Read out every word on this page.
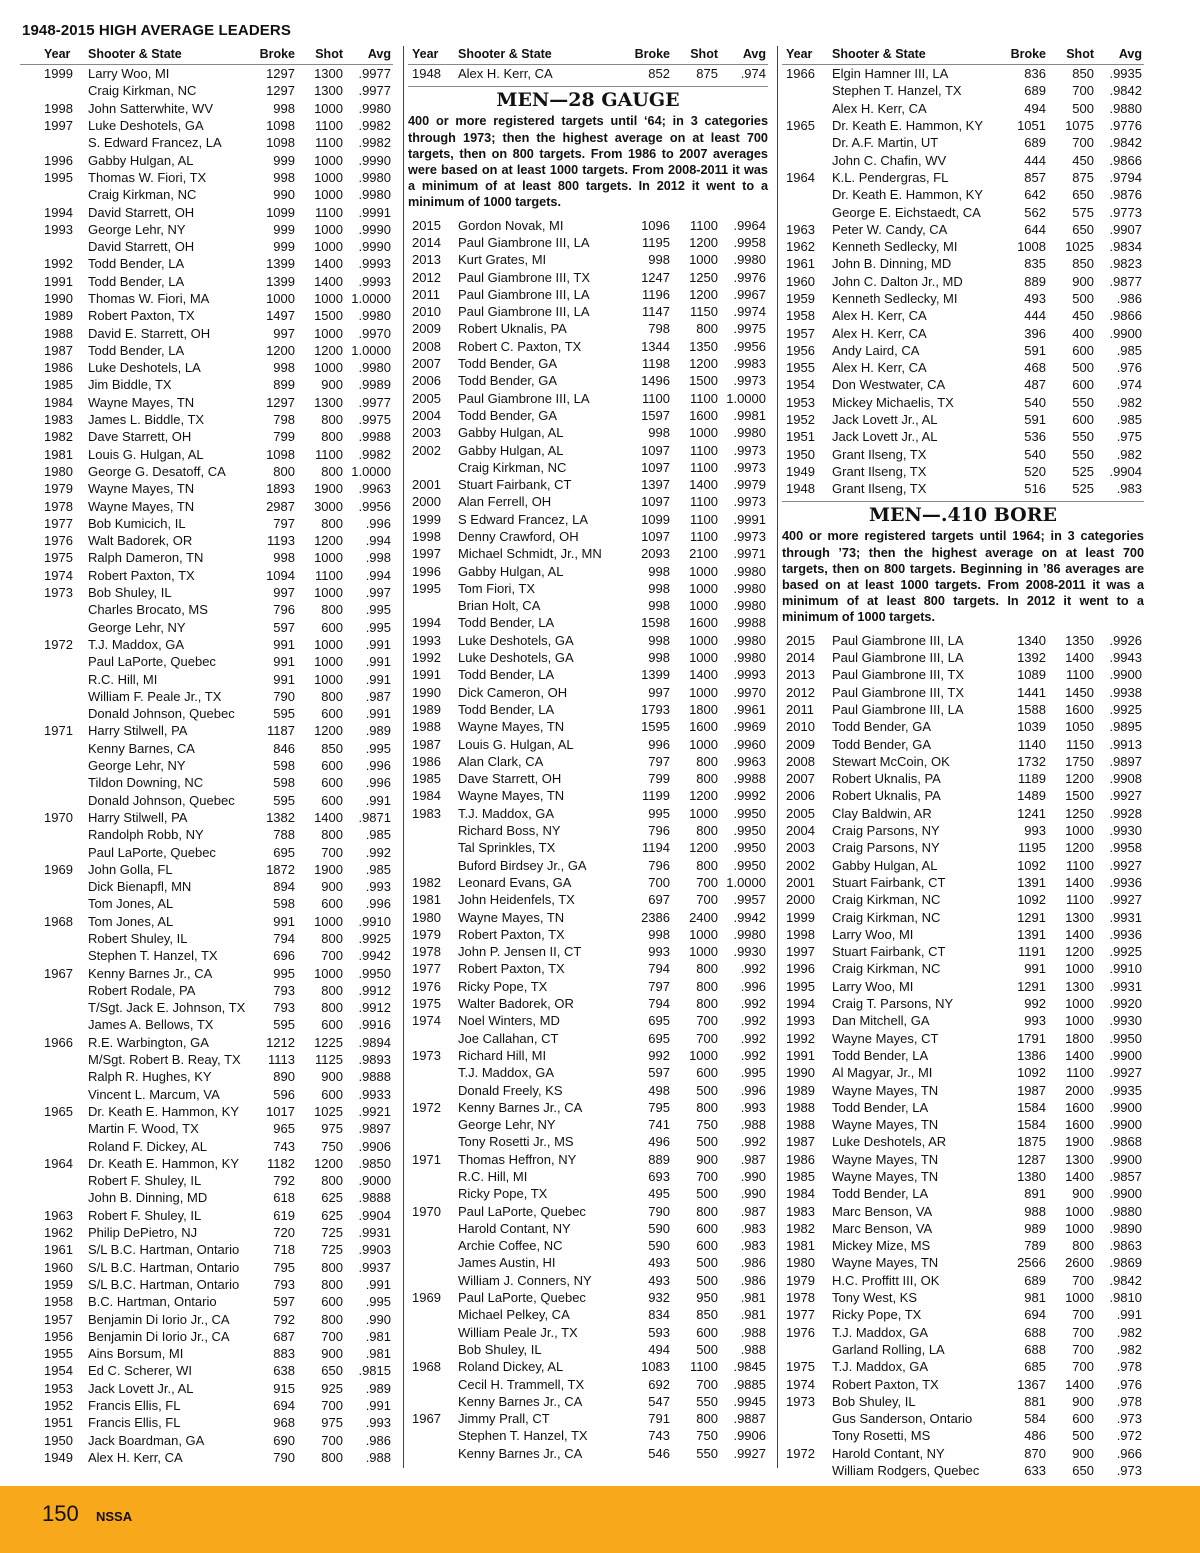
1948-2015 HIGH AVERAGE LEADERS
Year	Shooter & State	Broke	Shot	Avg
1999	Larry Woo, MI	1297	1300	.9977
Craig Kirkman, NC	1297	1300	.9977
1998	John Satterwhite, WV	998	1000	.9980
1997	Luke Deshotels, GA	1098	1100	.9982
S. Edward Francez, LA	1098	1100	.9982
1996	Gabby Hulgan, AL	999	1000	.9990
1995	Thomas W. Fiori, TX	998	1000	.9980
Craig Kirkman, NC	990	1000	.9980
1994	David Starrett, OH	1099	1100	.9991
1993	George Lehr, NY	999	1000	.9990
David Starrett, OH	999	1000	.9990
1992	Todd Bender, LA	1399	1400	.9993
1991	Todd Bender, LA	1399	1400	.9993
1990	Thomas W. Fiori, MA	1000	1000 1.0000
1989	Robert Paxton, TX	1497	1500	.9980
1988	David E. Starrett, OH	997	1000	.9970
1987	Todd Bender, LA	1200	1200 1.0000
1986	Luke Deshotels, LA	998	1000	.9980
1985	Jim Biddle, TX	899	900	.9989
1984	Wayne Mayes, TN	1297	1300	.9977
1983	James L. Biddle, TX	798	800	.9975
1982	Dave Starrett, OH	799	800	.9988
1981	Louis G. Hulgan, AL	1098	1100	.9982
1980	George G. Desatoff, CA	800	800 1.0000
1979	Wayne Mayes, TN	1893	1900	.9963
1978	Wayne Mayes, TN	2987	3000	.9956
1977	Bob Kumicich, IL	797	800	.996
1976	Walt Badorek, OR	1193	1200	.994
1975	Ralph Dameron, TN	998	1000	.998
1974	Robert Paxton, TX	1094	1100	.994
1973	Bob Shuley, IL	997	1000	.997
Charles Brocato, MS	796	800	.995
George Lehr, NY	597	600	.995
1972	T.J. Maddox, GA	991	1000	.991
Paul LaPorte, Quebec	991	1000	.991
R.C. Hill, MI	991	1000	.991
William F. Peale Jr., TX	790	800	.987
Donald Johnson, Quebec	595	600	.991
1971	Harry Stilwell, PA	1187	1200	.989
Kenny Barnes, CA	846	850	.995
George Lehr, NY	598	600	.996
Tildon Downing, NC	598	600	.996
Donald Johnson, Quebec	595	600	.991
1970	Harry Stilwell, PA	1382	1400	.9871
Randolph Robb, NY	788	800	.985
Paul LaPorte, Quebec	695	700	.992
1969	John Golla, FL	1872	1900	.985
Dick Bienapfl, MN	894	900	.993
Tom Jones, AL	598	600	.996
1968	Tom Jones, AL	991	1000	.9910
Robert Shuley, IL	794	800	.9925
Stephen T. Hanzel, TX	696	700	.9942
1967	Kenny Barnes Jr., CA	995	1000	.9950
Robert Rodale, PA	793	800	.9912
T/Sgt. Jack E. Johnson, TX	793	800	.9912
James A. Bellows, TX	595	600	.9916
1966	R.E. Warbington, GA	1212	1225	.9894
M/Sgt. Robert B. Reay, TX	1113	1125	.9893
Ralph R. Hughes, KY	890	900	.9888
Vincent L. Marcum, VA	596	600	.9933
1965	Dr. Keath E. Hammon, KY	1017	1025	.9921
Martin F. Wood, TX	965	975	.9897
Roland F. Dickey, AL	743	750	.9906
1964	Dr. Keath E. Hammon, KY	1182	1200	.9850
Robert F. Shuley, IL	792	800	.9000
John B. Dinning, MD	618	625	.9888
1963	Robert F. Shuley, IL	619	625	.9904
1962	Philip DePietro, NJ	720	725	.9931
1961	S/L B.C. Hartman, Ontario	718	725	.9903
1960	S/L B.C. Hartman, Ontario	795	800	.9937
1959	S/L B.C. Hartman, Ontario	793	800	.991
1958	B.C. Hartman, Ontario	597	600	.995
1957	Benjamin Di Iorio Jr., CA	792	800	.990
1956	Benjamin Di Iorio Jr., CA	687	700	.981
1955	Ains Borsum, MI	883	900	.981
1954	Ed C. Scherer, WI	638	650	.9815
1953	Jack Lovett Jr., AL	915	925	.989
1952	Francis Ellis, FL	694	700	.991
1951	Francis Ellis, FL	968	975	.993
1950	Jack Boardman, GA	690	700	.986
1949	Alex H. Kerr, CA	790	800	.988
Year	Shooter & State	Broke	Shot	Avg
1948	Alex H. Kerr, CA	852	875	.974
MEN—28 GAUGE
400 or more registered targets until ‘64; in 3 categories through 1973; then the highest average on at least 700 targets, then on 800 targets. From 1986 to 2007 averages were based on at least 1000 targets. From 2008-2011 it was a minimum of at least 800 targets. In 2012 it went to a minimum of 1000 targets.
2015	Gordon Novak, MI	1096	1100	.9964
2014	Paul Giambrone III, LA	1195	1200	.9958
2013	Kurt Grates, MI	998	1000	.9980
2012	Paul Giambrone III, TX	1247	1250	.9976
2011	Paul Giambrone III, LA	1196	1200	.9967
2010	Paul Giambrone III, LA	1147	1150	.9974
2009	Robert Uknalis, PA	798	800	.9975
2008	Robert C. Paxton, TX	1344	1350	.9956
2007	Todd Bender, GA	1198	1200	.9983
2006	Todd Bender, GA	1496	1500	.9973
2005	Paul Giambrone III, LA	1100	1100 1.0000
2004	Todd Bender, GA	1597	1600	.9981
2003	Gabby Hulgan, AL	998	1000	.9980
2002	Gabby Hulgan, AL	1097	1100	.9973
Craig Kirkman, NC	1097	1100	.9973
2001	Stuart Fairbank, CT	1397	1400	.9979
2000	Alan Ferrell, OH	1097	1100	.9973
1999	S Edward Francez, LA	1099	1100	.9991
1998	Denny Crawford, OH	1097	1100	.9973
1997	Michael Schmidt, Jr., MN	2093	2100	.9971
1996	Gabby Hulgan, AL	998	1000	.9980
1995	Tom Fiori, TX	998	1000	.9980
Brian Holt, CA	998	1000	.9980
1994	Todd Bender, LA	1598	1600	.9988
1993	Luke Deshotels, GA	998	1000	.9980
1992	Luke Deshotels, GA	998	1000	.9980
1991	Todd Bender, LA	1399	1400	.9993
1990	Dick Cameron, OH	997	1000	.9970
1989	Todd Bender, LA	1793	1800	.9961
1988	Wayne Mayes, TN	1595	1600	.9969
1987	Louis G. Hulgan, AL	996	1000	.9960
1986	Alan Clark, CA	797	800	.9963
1985	Dave Starrett, OH	799	800	.9988
1984	Wayne Mayes, TN	1199	1200	.9992
1983	T.J. Maddox, GA	995	1000	.9950
Richard Boss, NY	796	800	.9950
Tal Sprinkles, TX	1194	1200	.9950
Buford Birdsey Jr., GA	796	800	.9950
1982	Leonard Evans, GA	700	700 1.0000
1981	John Heidenfels, TX	697	700	.9957
1980	Wayne Mayes, TN	2386	2400	.9942
1979	Robert Paxton, TX	998	1000	.9980
1978	John P. Jensen II, CT	993	1000	.9930
1977	Robert Paxton, TX	794	800	.992
1976	Ricky Pope, TX	797	800	.996
1975	Walter Badorek, OR	794	800	.992
1974	Noel Winters, MD	695	700	.992
Joe Callahan, CT	695	700	.992
1973	Richard Hill, MI	992	1000	.992
T.J. Maddox, GA	597	600	.995
Donald Freely, KS	498	500	.996
1972	Kenny Barnes Jr., CA	795	800	.993
George Lehr, NY	741	750	.988
Tony Rosetti Jr., MS	496	500	.992
1971	Thomas Heffron, NY	889	900	.987
R.C. Hill, MI	693	700	.990
Ricky Pope, TX	495	500	.990
1970	Paul LaPorte, Quebec	790	800	.987
Harold Contant, NY	590	600	.983
Archie Coffee, NC	590	600	.983
James Austin, HI	493	500	.986
William J. Conners, NY	493	500	.986
1969	Paul LaPorte, Quebec	932	950	.981
Michael Pelkey, CA	834	850	.981
William Peale Jr., TX	593	600	.988
Bob Shuley, IL	494	500	.988
1968	Roland Dickey, AL	1083	1100	.9845
Cecil H. Trammell, TX	692	700	.9885
Kenny Barnes Jr., CA	547	550	.9945
1967	Jimmy Prall, CT	791	800	.9887
Stephen T. Hanzel, TX	743	750	.9906
Kenny Barnes Jr., CA	546	550	.9927
Year	Shooter & State	Broke	Shot	Avg
1966	Elgin Hamner III, LA	836	850	.9935
Stephen T. Hanzel, TX	689	700	.9842
Alex H. Kerr, CA	494	500	.9880
1965	Dr. Keath E. Hammon, KY	1051	1075	.9776
Dr. A.F. Martin, UT	689	700	.9842
John C. Chafin, WV	444	450	.9866
1964	K.L. Pendergras, FL	857	875	.9794
Dr. Keath E. Hammon, KY	642	650	.9876
George E. Eichstaedt, CA	562	575	.9773
1963	Peter W. Candy, CA	644	650	.9907
1962	Kenneth Sedlecky, MI	1008	1025	.9834
1961	John B. Dinning, MD	835	850	.9823
1960	John C. Dalton Jr., MD	889	900	.9877
1959	Kenneth Sedlecky, MI	493	500	.986
1958	Alex H. Kerr, CA	444	450	.9866
1957	Alex H. Kerr, CA	396	400	.9900
1956	Andy Laird, CA	591	600	.985
1955	Alex H. Kerr, CA	468	500	.976
1954	Don Westwater, CA	487	600	.974
1953	Mickey Michaelis, TX	540	550	.982
1952	Jack Lovett Jr., AL	591	600	.985
1951	Jack Lovett Jr., AL	536	550	.975
1950	Grant Ilseng, TX	540	550	.982
1949	Grant Ilseng, TX	520	525	.9904
1948	Grant Ilseng, TX	516	525	.983
MEN—.410 BORE
400 or more registered targets until 1964; in 3 categories through ’73; then the highest average on at least 700 targets, then on 800 targets. Beginning in ’86 averages are based on at least 1000 targets. From 2008-2011 it was a minimum of at least 800 targets. In 2012 it went to a minimum of 1000 targets.
2015	Paul Giambrone III, LA	1340	1350	.9926
2014	Paul Giambrone III, LA	1392	1400	.9943
2013	Paul Giambrone III, TX	1089	1100	.9900
2012	Paul Giambrone III, TX	1441	1450	.9938
2011	Paul Giambrone III, LA	1588	1600	.9925
2010	Todd Bender, GA	1039	1050	.9895
2009	Todd Bender, GA	1140	1150	.9913
2008	Stewart McCoin, OK	1732	1750	.9897
2007	Robert Uknalis, PA	1189	1200	.9908
2006	Robert Uknalis, PA	1489	1500	.9927
2005	Clay Baldwin, AR	1241	1250	.9928
2004	Craig Parsons, NY	993	1000	.9930
2003	Craig Parsons, NY	1195	1200	.9958
2002	Gabby Hulgan, AL	1092	1100	.9927
2001	Stuart Fairbank, CT	1391	1400	.9936
2000	Craig Kirkman, NC	1092	1100	.9927
1999	Craig Kirkman, NC	1291	1300	.9931
1998	Larry Woo, MI	1391	1400	.9936
1997	Stuart Fairbank, CT	1191	1200	.9925
1996	Craig Kirkman, NC	991	1000	.9910
1995	Larry Woo, MI	1291	1300	.9931
1994	Craig T. Parsons, NY	992	1000	.9920
1993	Dan Mitchell, GA	993	1000	.9930
1992	Wayne Mayes, CT	1791	1800	.9950
1991	Todd Bender, LA	1386	1400	.9900
1990	Al Magyar, Jr., MI	1092	1100	.9927
1989	Wayne Mayes, TN	1987	2000	.9935
1988	Todd Bender, LA	1584	1600	.9900
1988	Wayne Mayes, TN	1584	1600	.9900
1987	Luke Deshotels, AR	1875	1900	.9868
1986	Wayne Mayes, TN	1287	1300	.9900
1985	Wayne Mayes, TN	1380	1400	.9857
1984	Todd Bender, LA	891	900	.9900
1983	Marc Benson, VA	988	1000	.9880
1982	Marc Benson, VA	989	1000	.9890
1981	Mickey Mize, MS	789	800	.9863
1980	Wayne Mayes, TN	2566	2600	.9869
1979	H.C. Proffitt III, OK	689	700	.9842
1978	Tony West, KS	981	1000	.9810
1977	Ricky Pope, TX	694	700	.991
1976	T.J. Maddox, GA	688	700	.982
Garland Rolling, LA	688	700	.982
1975	T.J. Maddox, GA	685	700	.978
1974	Robert Paxton, TX	1367	1400	.976
1973	Bob Shuley, IL	881	900	.978
Gus Sanderson, Ontario	584	600	.973
Tony Rosetti, MS	486	500	.972
1972	Harold Contant, NY	870	900	.966
William Rodgers, Quebec	633	650	.973
150 NSSA
